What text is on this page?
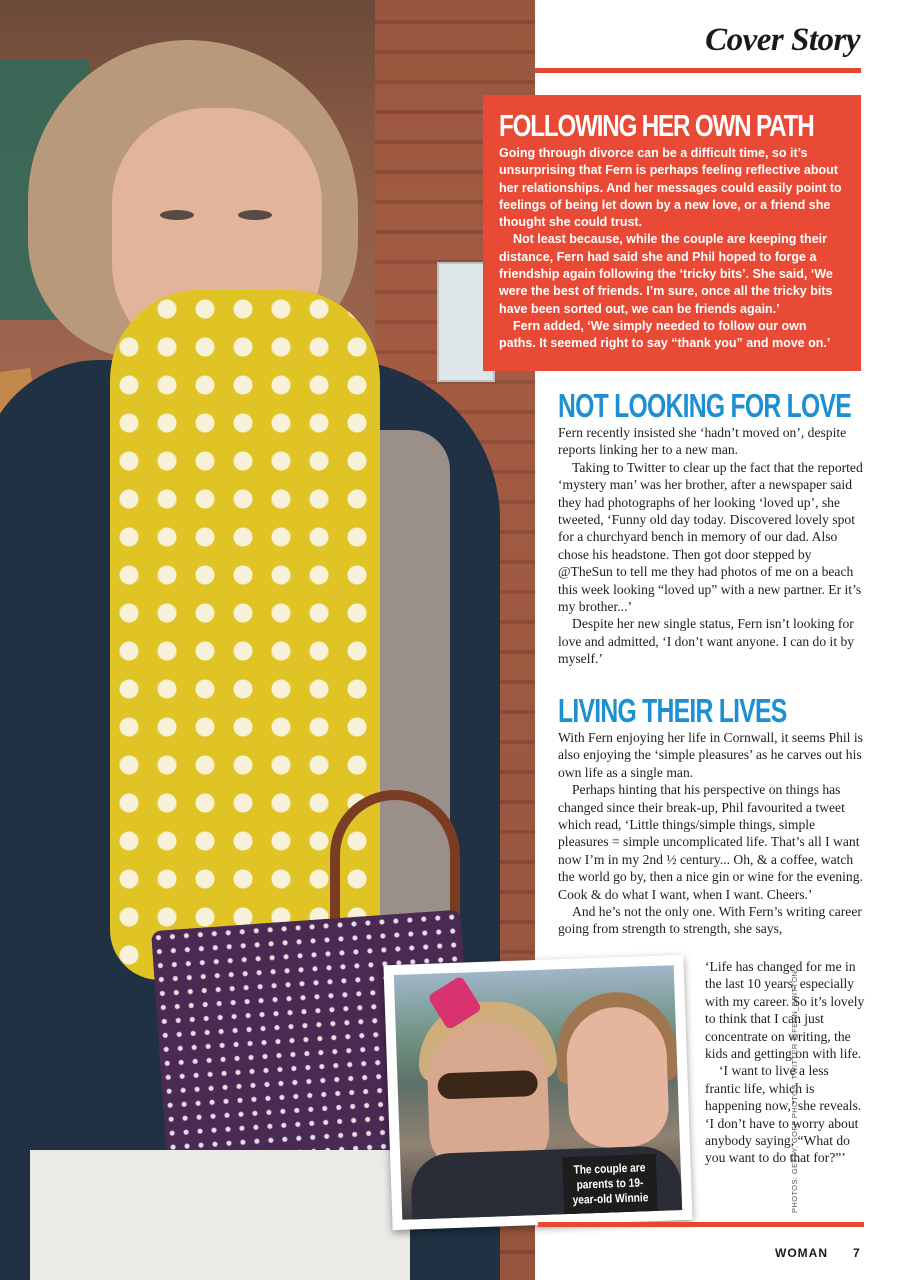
Cover Story
FOLLOWING HER OWN PATH

Going through divorce can be a difficult time, so it’s unsurprising that Fern is perhaps feeling reflective about her relationships. And her messages could easily point to feelings of being let down by a new love, or a friend she thought she could trust.

Not least because, while the couple are keeping their distance, Fern had said she and Phil hoped to forge a friendship again following the ‘tricky bits’. She said, ‘We were the best of friends. I’m sure, once all the tricky bits have been sorted out, we can be friends again.’

Fern added, ‘We simply needed to follow our own paths. It seemed right to say “thank you” and move on.’

NOT LOOKING FOR LOVE

Fern recently insisted she ‘hadn’t moved on’, despite reports linking her to a new man.

Taking to Twitter to clear up the fact that the reported ‘mystery man’ was her brother, after a newspaper said they had photographs of her looking ‘loved up’, she tweeted, ‘Funny old day today. Discovered lovely spot for a churchyard bench in memory of our dad. Also chose his headstone. Then got door stepped by @TheSun to tell me they had photos of me on a beach this week looking “loved up” with a new partner. Er it’s my brother...’

Despite her new single status, Fern isn’t looking for love and admitted, ‘I don’t want anyone. I can do it by myself.’

LIVING THEIR LIVES

With Fern enjoying her life in Cornwall, it seems Phil is also enjoying the ‘simple pleasures’ as he carves out his own life as a single man.

Perhaps hinting that his perspective on things has changed since their break-up, Phil favourited a tweet which read, ‘Little things/simple things, simple pleasures = simple uncomplicated life. That’s all I want now I’m in my 2nd ½ century... Oh, & a coffee, watch the world go by, then a nice gin or wine for the evening. Cook & do what I want, when I want. Cheers.’

And he’s not the only one. With Fern’s writing career going from strength to strength, she says,

‘Life has changed for me in the last 10 years, especially with my career. So it’s lovely to think that I can just concentrate on writing, the kids and getting on with life.

‘I want to live a less frantic life, which is happening now,’ she reveals. ‘I don’t have to worry about anybody saying, “What do you want to do that for?”’

The couple are parents to 19-year-old Winnie	PHOTOS: GETTY, GOFF PHOTOS, TWITTER @FERN_BRITTON
WOMAN 7
